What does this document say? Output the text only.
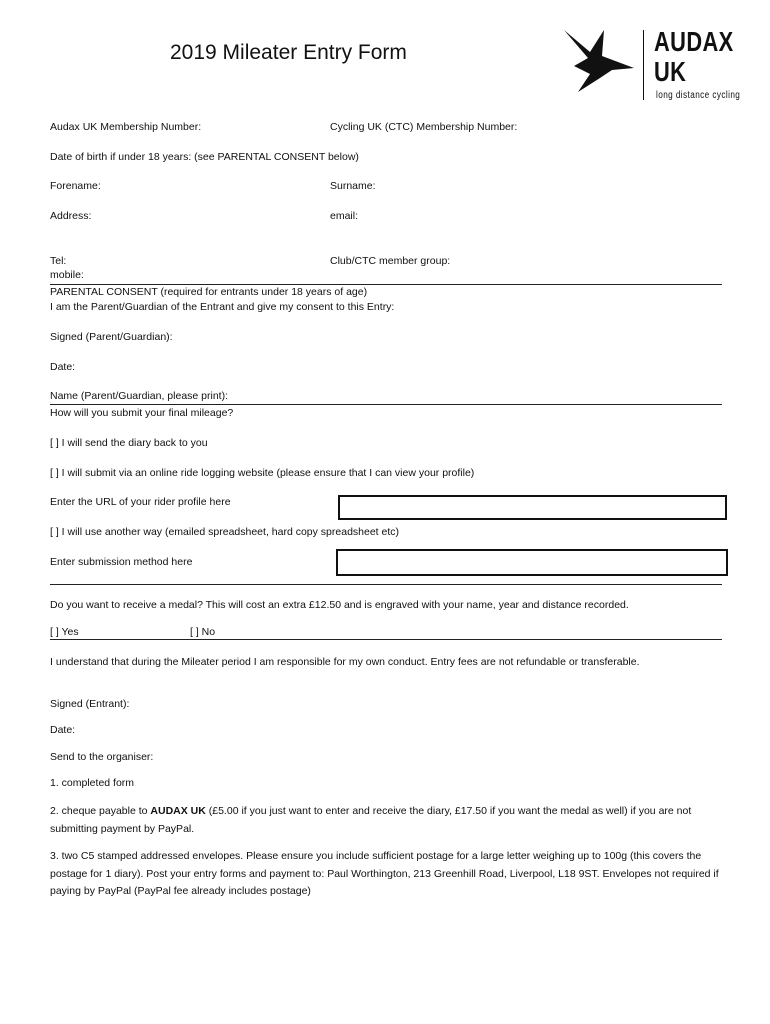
2019 Mileater Entry Form	AUDAX
UK
long distance cycling
Audax UK Membership Number:	Cycling UK (CTC) Membership Number:
Date of birth if under 18 years: (see PARENTAL CONSENT below)
Forename:	Surname:
Address:	email:
Tel:	Club/CTC member group:
mobile:
PARENTAL CONSENT (required for entrants under 18 years of age)
I am the Parent/Guardian of the Entrant and give my consent to this Entry:
Signed (Parent/Guardian):
Date:
Name (Parent/Guardian, please print):
How will you submit your final mileage?
[ ] I will send the diary back to you
[ ] I will submit via an online ride logging website (please ensure that I can view your profile)
Enter the URL of your rider profile here
[ ] I will use another way (emailed spreadsheet, hard copy spreadsheet etc)
Enter submission method here
Do you want to receive a medal? This will cost an extra £12.50 and is engraved with your name, year and distance recorded.
[ ] Yes	[ ] No
I understand that during the Mileater period I am responsible for my own conduct. Entry fees are not refundable or transferable.
Signed (Entrant):
Date:
Send to the organiser:
1. completed form
2. cheque payable to AUDAX UK (£5.00 if you just want to enter and receive the diary, £17.50 if you want the medal as well) if you are not submitting payment by PayPal.
3. two C5 stamped addressed envelopes. Please ensure you include sufficient postage for a large letter weighing up to 100g (this covers the postage for 1 diary). Post your entry forms and payment to: Paul Worthington, 213 Greenhill Road, Liverpool, L18 9ST. Envelopes not required if paying by PayPal (PayPal fee already includes postage)
